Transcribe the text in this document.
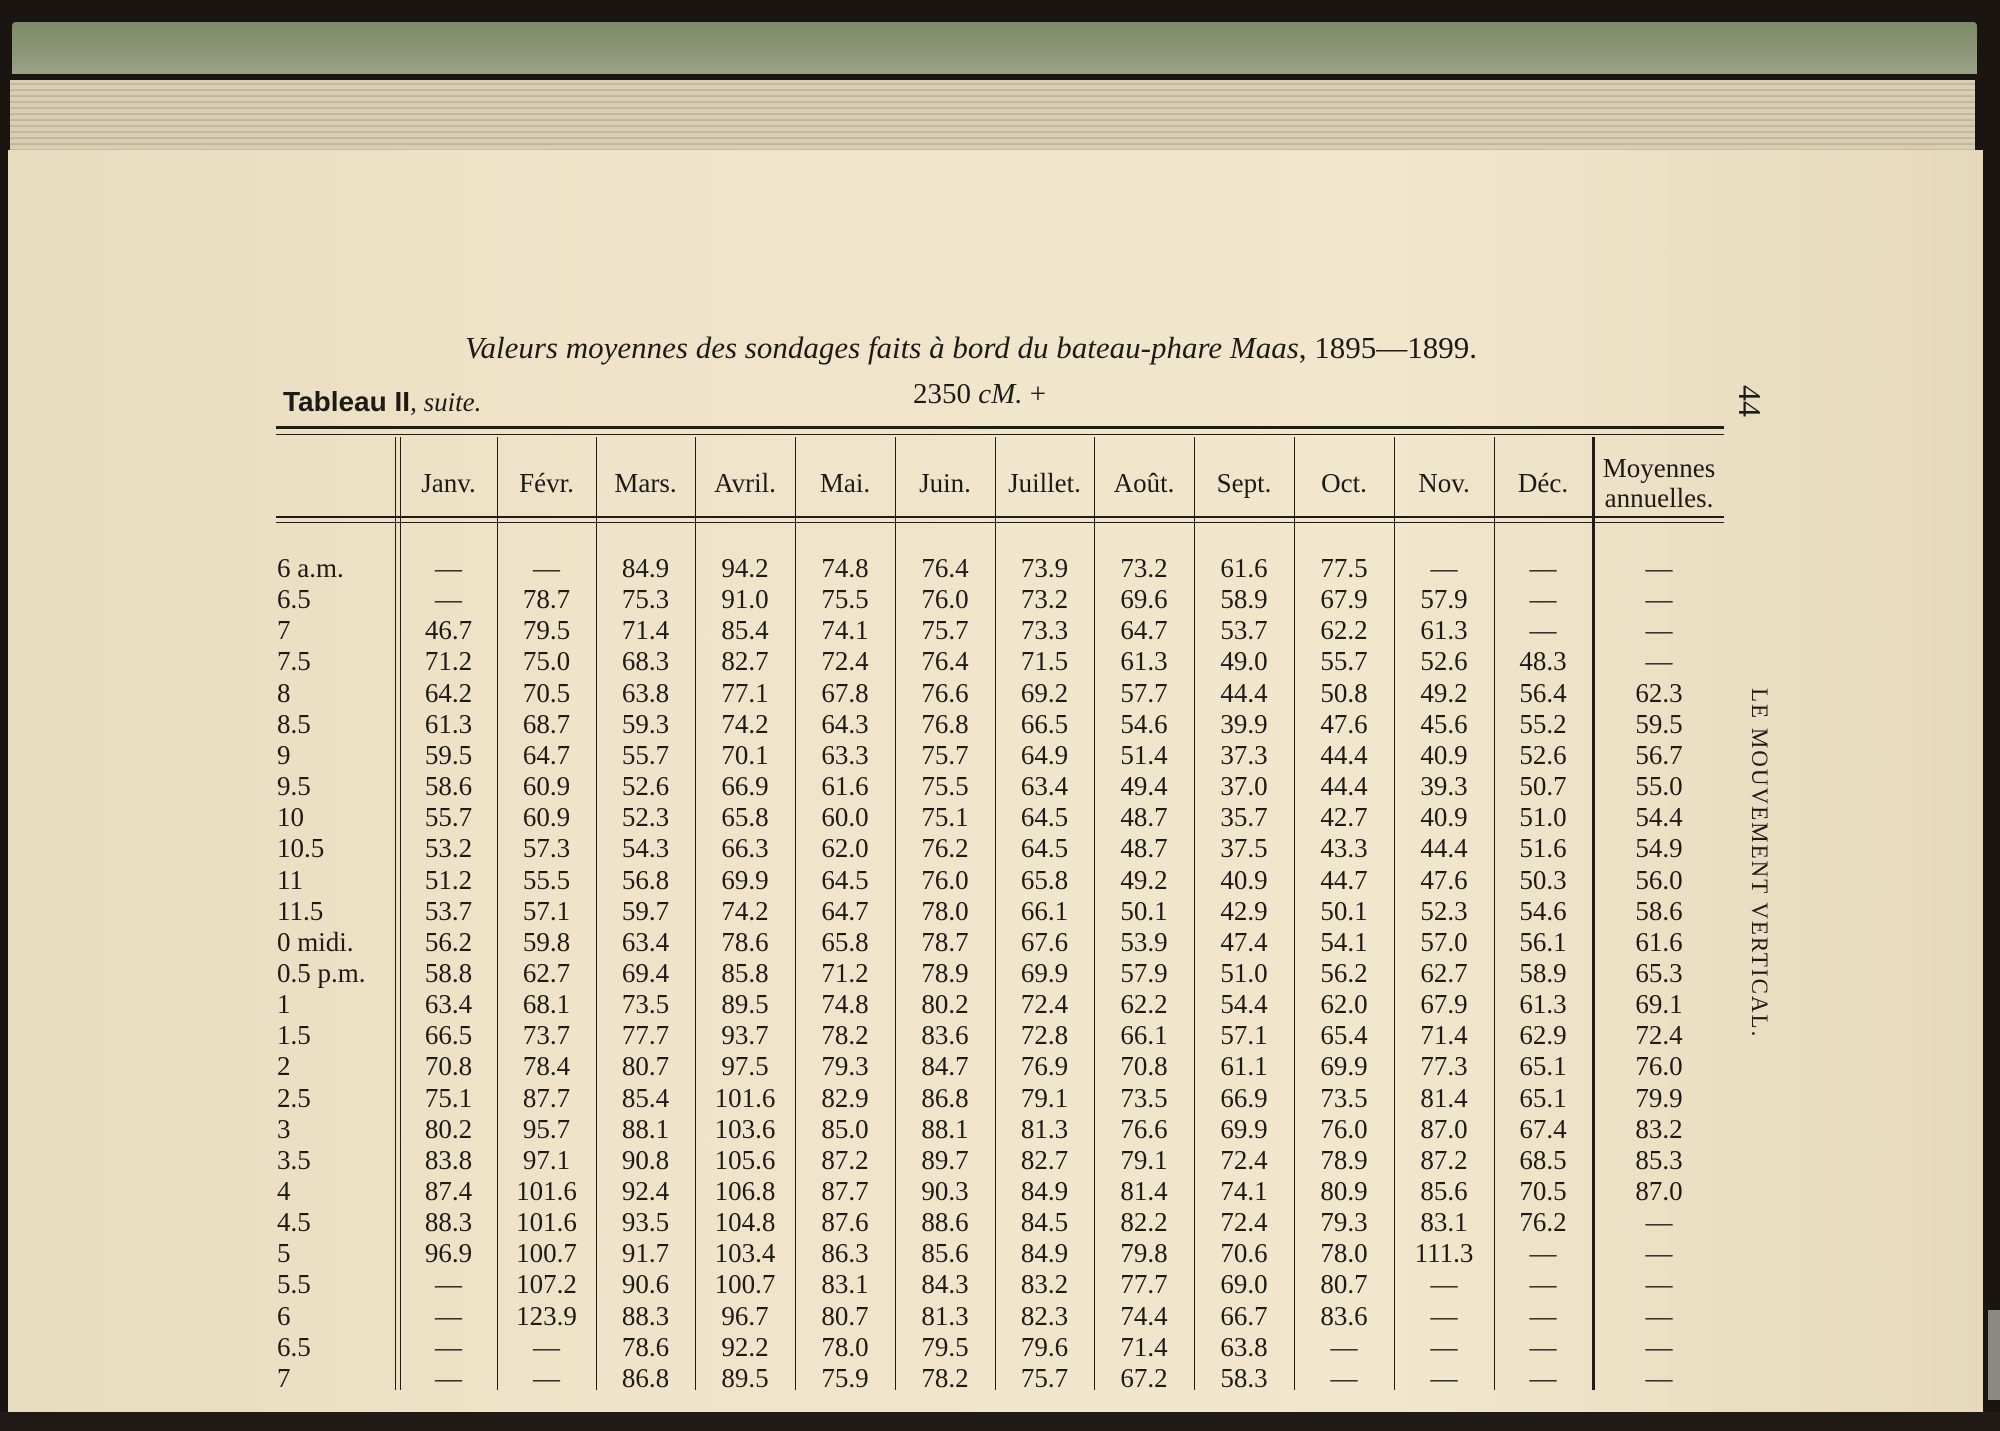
Valeurs moyennes des sondages faits à bord du bateau-phare Maas, 1895—1899.
Tableau II, suite.	2350 cM. +	44
LE MOUVEMENT VERTICAL.
Janv.	Févr.	Mars.	Avril.	Mai.	Juin.	Juillet.	Août.	Sept.	Oct.	Nov.	Déc.	Moyennes annuelles.
6 a.m.	—	—	84.9	94.2	74.8	76.4	73.9	73.2	61.6	77.5	—	—	—
6.5	—	78.7	75.3	91.0	75.5	76.0	73.2	69.6	58.9	67.9	57.9	—	—
7	46.7	79.5	71.4	85.4	74.1	75.7	73.3	64.7	53.7	62.2	61.3	—	—
7.5	71.2	75.0	68.3	82.7	72.4	76.4	71.5	61.3	49.0	55.7	52.6	48.3	—
8	64.2	70.5	63.8	77.1	67.8	76.6	69.2	57.7	44.4	50.8	49.2	56.4	62.3
8.5	61.3	68.7	59.3	74.2	64.3	76.8	66.5	54.6	39.9	47.6	45.6	55.2	59.5
9	59.5	64.7	55.7	70.1	63.3	75.7	64.9	51.4	37.3	44.4	40.9	52.6	56.7
9.5	58.6	60.9	52.6	66.9	61.6	75.5	63.4	49.4	37.0	44.4	39.3	50.7	55.0
10	55.7	60.9	52.3	65.8	60.0	75.1	64.5	48.7	35.7	42.7	40.9	51.0	54.4
10.5	53.2	57.3	54.3	66.3	62.0	76.2	64.5	48.7	37.5	43.3	44.4	51.6	54.9
11	51.2	55.5	56.8	69.9	64.5	76.0	65.8	49.2	40.9	44.7	47.6	50.3	56.0
11.5	53.7	57.1	59.7	74.2	64.7	78.0	66.1	50.1	42.9	50.1	52.3	54.6	58.6
0 midi.	56.2	59.8	63.4	78.6	65.8	78.7	67.6	53.9	47.4	54.1	57.0	56.1	61.6
0.5 p.m.	58.8	62.7	69.4	85.8	71.2	78.9	69.9	57.9	51.0	56.2	62.7	58.9	65.3
1	63.4	68.1	73.5	89.5	74.8	80.2	72.4	62.2	54.4	62.0	67.9	61.3	69.1
1.5	66.5	73.7	77.7	93.7	78.2	83.6	72.8	66.1	57.1	65.4	71.4	62.9	72.4
2	70.8	78.4	80.7	97.5	79.3	84.7	76.9	70.8	61.1	69.9	77.3	65.1	76.0
2.5	75.1	87.7	85.4	101.6	82.9	86.8	79.1	73.5	66.9	73.5	81.4	65.1	79.9
3	80.2	95.7	88.1	103.6	85.0	88.1	81.3	76.6	69.9	76.0	87.0	67.4	83.2
3.5	83.8	97.1	90.8	105.6	87.2	89.7	82.7	79.1	72.4	78.9	87.2	68.5	85.3
4	87.4	101.6	92.4	106.8	87.7	90.3	84.9	81.4	74.1	80.9	85.6	70.5	87.0
4.5	88.3	101.6	93.5	104.8	87.6	88.6	84.5	82.2	72.4	79.3	83.1	76.2	—
5	96.9	100.7	91.7	103.4	86.3	85.6	84.9	79.8	70.6	78.0	111.3	—	—
5.5	—	107.2	90.6	100.7	83.1	84.3	83.2	77.7	69.0	80.7	—	—	—
6	—	123.9	88.3	96.7	80.7	81.3	82.3	74.4	66.7	83.6	—	—	—
6.5	—	—	78.6	92.2	78.0	79.5	79.6	71.4	63.8	—	—	—	—
7	—	—	86.8	89.5	75.9	78.2	75.7	67.2	58.3	—	—	—	—
